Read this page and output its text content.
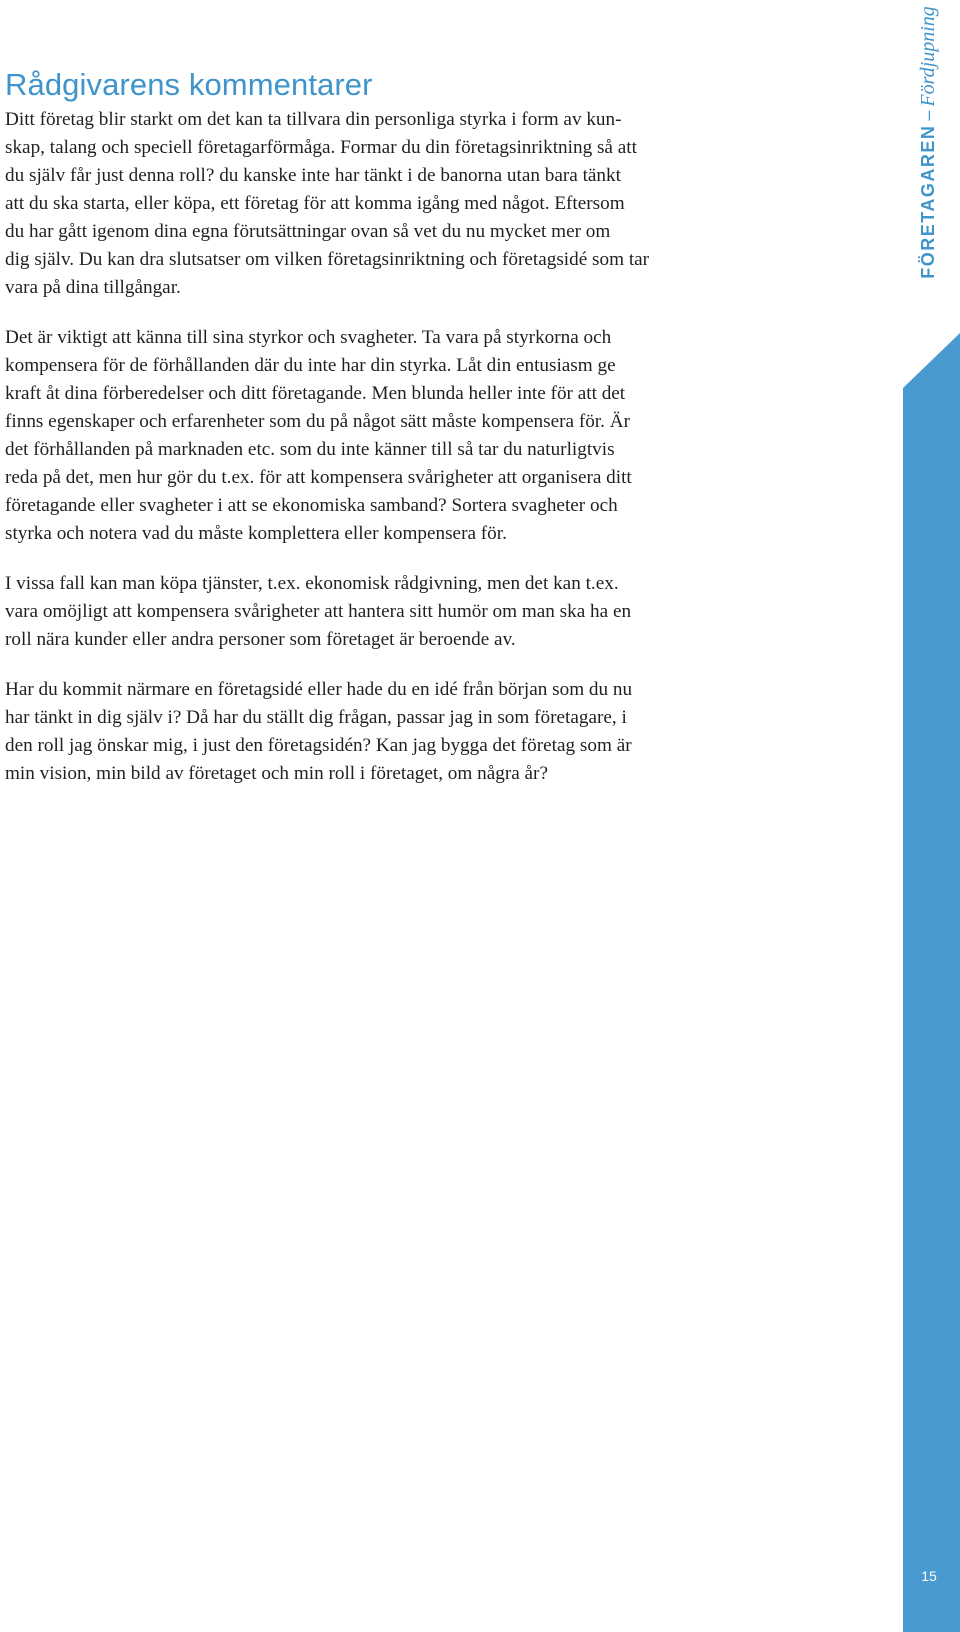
Rådgivarens kommentarer
Ditt företag blir starkt om det kan ta tillvara din personliga styrka i form av kun-
skap, talang och speciell företagarförmåga. Formar du din företagsinriktning så att
du själv får just denna roll? du kanske inte har tänkt i de banorna utan bara tänkt
att du ska starta, eller köpa, ett företag för att komma igång med något. Eftersom
du har gått igenom dina egna förutsättningar ovan så vet du nu mycket mer om
dig själv. Du kan dra slutsatser om vilken företagsinriktning och företagsidé som tar
vara på dina tillgångar.
Det är viktigt att känna till sina styrkor och svagheter. Ta vara på styrkorna och
kompensera för de förhållanden där du inte har din styrka. Låt din entusiasm ge
kraft åt dina förberedelser och ditt företagande. Men blunda heller inte för att det
finns egenskaper och erfarenheter som du på något sätt måste kompensera för. Är
det förhållanden på marknaden etc. som du inte känner till så tar du naturligtvis
reda på det, men hur gör du t.ex. för att kompensera svårigheter att organisera ditt
företagande eller svagheter i att se ekonomiska samband? Sortera svagheter och
styrka och notera vad du måste komplettera eller kompensera för.
I vissa fall kan man köpa tjänster, t.ex. ekonomisk rådgivning, men det kan t.ex.
vara omöjligt att kompensera svårigheter att hantera sitt humör om man ska ha en
roll nära kunder eller andra personer som företaget är beroende av.
Har du kommit närmare en företagsidé eller hade du en idé från början som du nu
har tänkt in dig själv i? Då har du ställt dig frågan, passar jag in som företagare, i
den roll jag önskar mig, i just den företagsidén? Kan jag bygga det företag som är
min vision, min bild av företaget och min roll i företaget, om några år?
FÖRETAGAREN–Fördjupning
15
